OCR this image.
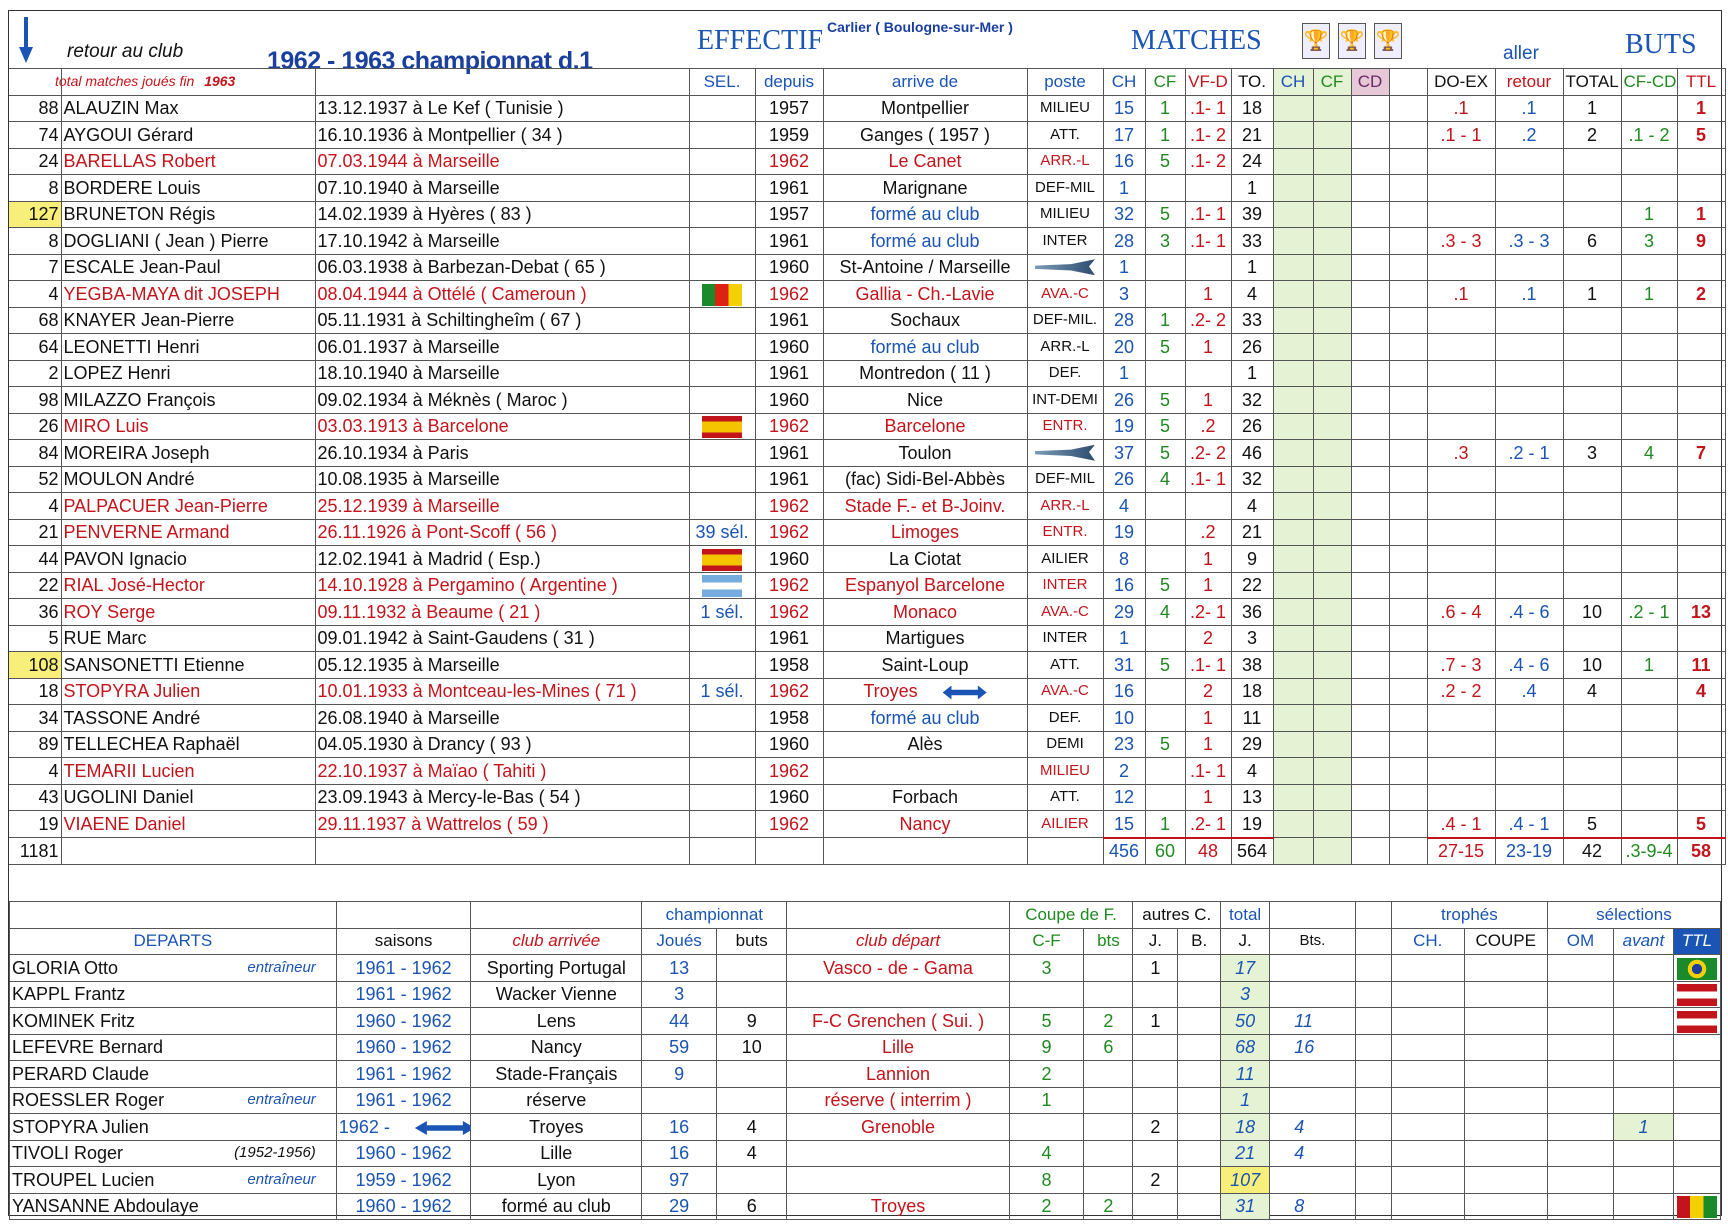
retour au club
total matches joués fin 1963
1962 - 1963 championnat d.1
EFFECTIF Carlier ( Boulogne-sur-Mer )	MATCHES 🏆 🏆 🏆
aller	BUTS
			SEL.	depuis	arrive de	poste	CH	CF	VF-D	TO.	CH	CF	CD		DO-EX	retour	TOTAL	CF-CD	TTL
88	ALAUZIN Max	13.12.1937 à Le Kef ( Tunisie )		1957	Montpellier	MILIEU	15	1	.1- 1	18					.1	.1	1		1
74	AYGOUI Gérard	16.10.1936 à Montpellier ( 34 )		1959	Ganges ( 1957 )	ATT.	17	1	.1- 2	21					.1 - 1	.2	2	.1 - 2	5
24	BARELLAS Robert	07.03.1944 à Marseille		1962	Le Canet	ARR.-L	16	5	.1- 2	24									
8	BORDERE Louis	07.10.1940 à Marseille		1961	Marignane	DEF-MIL	1			1									
127	BRUNETON Régis	14.02.1939 à Hyères ( 83 )		1957	formé au club	MILIEU	32	5	.1- 1	39								1	1
8	DOGLIANI ( Jean ) Pierre	17.10.1942 à Marseille		1961	formé au club	INTER	28	3	.1- 1	33					.3 - 3	.3 - 3	6	3	9
7	ESCALE Jean-Paul	06.03.1938 à Barbezan-Debat ( 65 )		1960	St-Antoine / Marseille		1			1									
4	YEGBA-MAYA dit JOSEPH	08.04.1944 à Ottélé ( Cameroun )		1962	Gallia - Ch.-Lavie	AVA.-C	3		1	4					.1	.1	1	1	2
68	KNAYER Jean-Pierre	05.11.1931 à Schiltingheîm ( 67 )		1961	Sochaux	DEF-MIL.	28	1	.2- 2	33									
64	LEONETTI Henri	06.01.1937 à Marseille		1960	formé au club	ARR.-L	20	5	1	26									
2	LOPEZ Henri	18.10.1940 à Marseille		1961	Montredon ( 11 )	DEF.	1			1									
98	MILAZZO François	09.02.1934 à Méknès ( Maroc )		1960	Nice	INT-DEMI	26	5	1	32									
26	MIRO Luis	03.03.1913 à Barcelone		1962	Barcelone	ENTR.	19	5	.2	26									
84	MOREIRA Joseph	26.10.1934 à Paris		1961	Toulon		37	5	.2- 2	46					.3	.2 - 1	3	4	7
52	MOULON André	10.08.1935 à Marseille		1961	(fac) Sidi-Bel-Abbès	DEF-MIL	26	4	.1- 1	32									
4	PALPACUER Jean-Pierre	25.12.1939 à Marseille		1962	Stade F.- et B-Joinv.	ARR.-L	4			4									
21	PENVERNE Armand	26.11.1926 à Pont-Scoff ( 56 )	39 sél.	1962	Limoges	ENTR.	19		.2	21									
44	PAVON Ignacio	12.02.1941 à Madrid ( Esp.)		1960	La Ciotat	AILIER	8		1	9									
22	RIAL José-Hector	14.10.1928 à Pergamino ( Argentine )		1962	Espanyol Barcelone	INTER	16	5	1	22									
36	ROY Serge	09.11.1932 à Beaume ( 21 )	1 sél.	1962	Monaco	AVA.-C	29	4	.2- 1	36					.6 - 4	.4 - 6	10	.2 - 1	13
5	RUE Marc	09.01.1942 à Saint-Gaudens ( 31 )		1961	Martigues	INTER	1		2	3									
108	SANSONETTI Etienne	05.12.1935 à Marseille		1958	Saint-Loup	ATT.	31	5	.1- 1	38					.7 - 3	.4 - 6	10	1	11
18	STOPYRA Julien	10.01.1933 à Montceau-les-Mines ( 71 )	1 sél.	1962	Troyes	AVA.-C	16		2	18					.2 - 2	.4	4		4
34	TASSONE André	26.08.1940 à Marseille		1958	formé au club	DEF.	10		1	11									
89	TELLECHEA Raphaël	04.05.1930 à Drancy ( 93 )		1960	Alès	DEMI	23	5	1	29									
4	TEMARII Lucien	22.10.1937 à Maïao ( Tahiti )		1962		MILIEU	2		.1- 1	4									
43	UGOLINI Daniel	23.09.1943 à Mercy-le-Bas ( 54 )		1960	Forbach	ATT.	12		1	13									
19	VIAENE Daniel	29.11.1937 à Wattrelos ( 59 )		1962	Nancy	AILIER	15	1	.2- 1	19					.4 - 1	.4 - 1	5		5
1181							456	60	48	564					27-15	23-19	42	.3-9-4	58
			championnat			Coupe de F.		autres C.		total			trophés		sélections		
DEPARTS	saisons	club arrivée	Joués	buts	club départ	C-F	bts	J.	B.	J.	Bts.		CH.	COUPE	OM	avant	TTL
GLORIA Otto entraîneur	1961 - 1962	Sporting Portugal	13		Vasco - de - Gama	3		1		17							
KAPPL Frantz	1961 - 1962	Wacker Vienne	3							3							
KOMINEK Fritz	1960 - 1962	Lens	44	9	F-C Grenchen ( Sui. )	5	2	1		50	11						
LEFEVRE Bernard	1960 - 1962	Nancy	59	10	Lille	9	6			68	16						
PERARD Claude	1961 - 1962	Stade-Français	9		Lannion	2				11							
ROESSLER Roger entraîneur	1961 - 1962	réserve			réserve ( interrim )	1				1							
STOPYRA Julien	1962 -	Troyes	16	4	Grenoble			2		18	4					1	
TIVOLI Roger (1952-1956)	1960 - 1962	Lille	16	4		4				21	4						
TROUPEL Lucien entraîneur	1959 - 1962	Lyon	97			8		2		107							
YANSANNE Abdoulaye	1960 - 1962	formé au club	29	6	Troyes	2	2			31	8						
